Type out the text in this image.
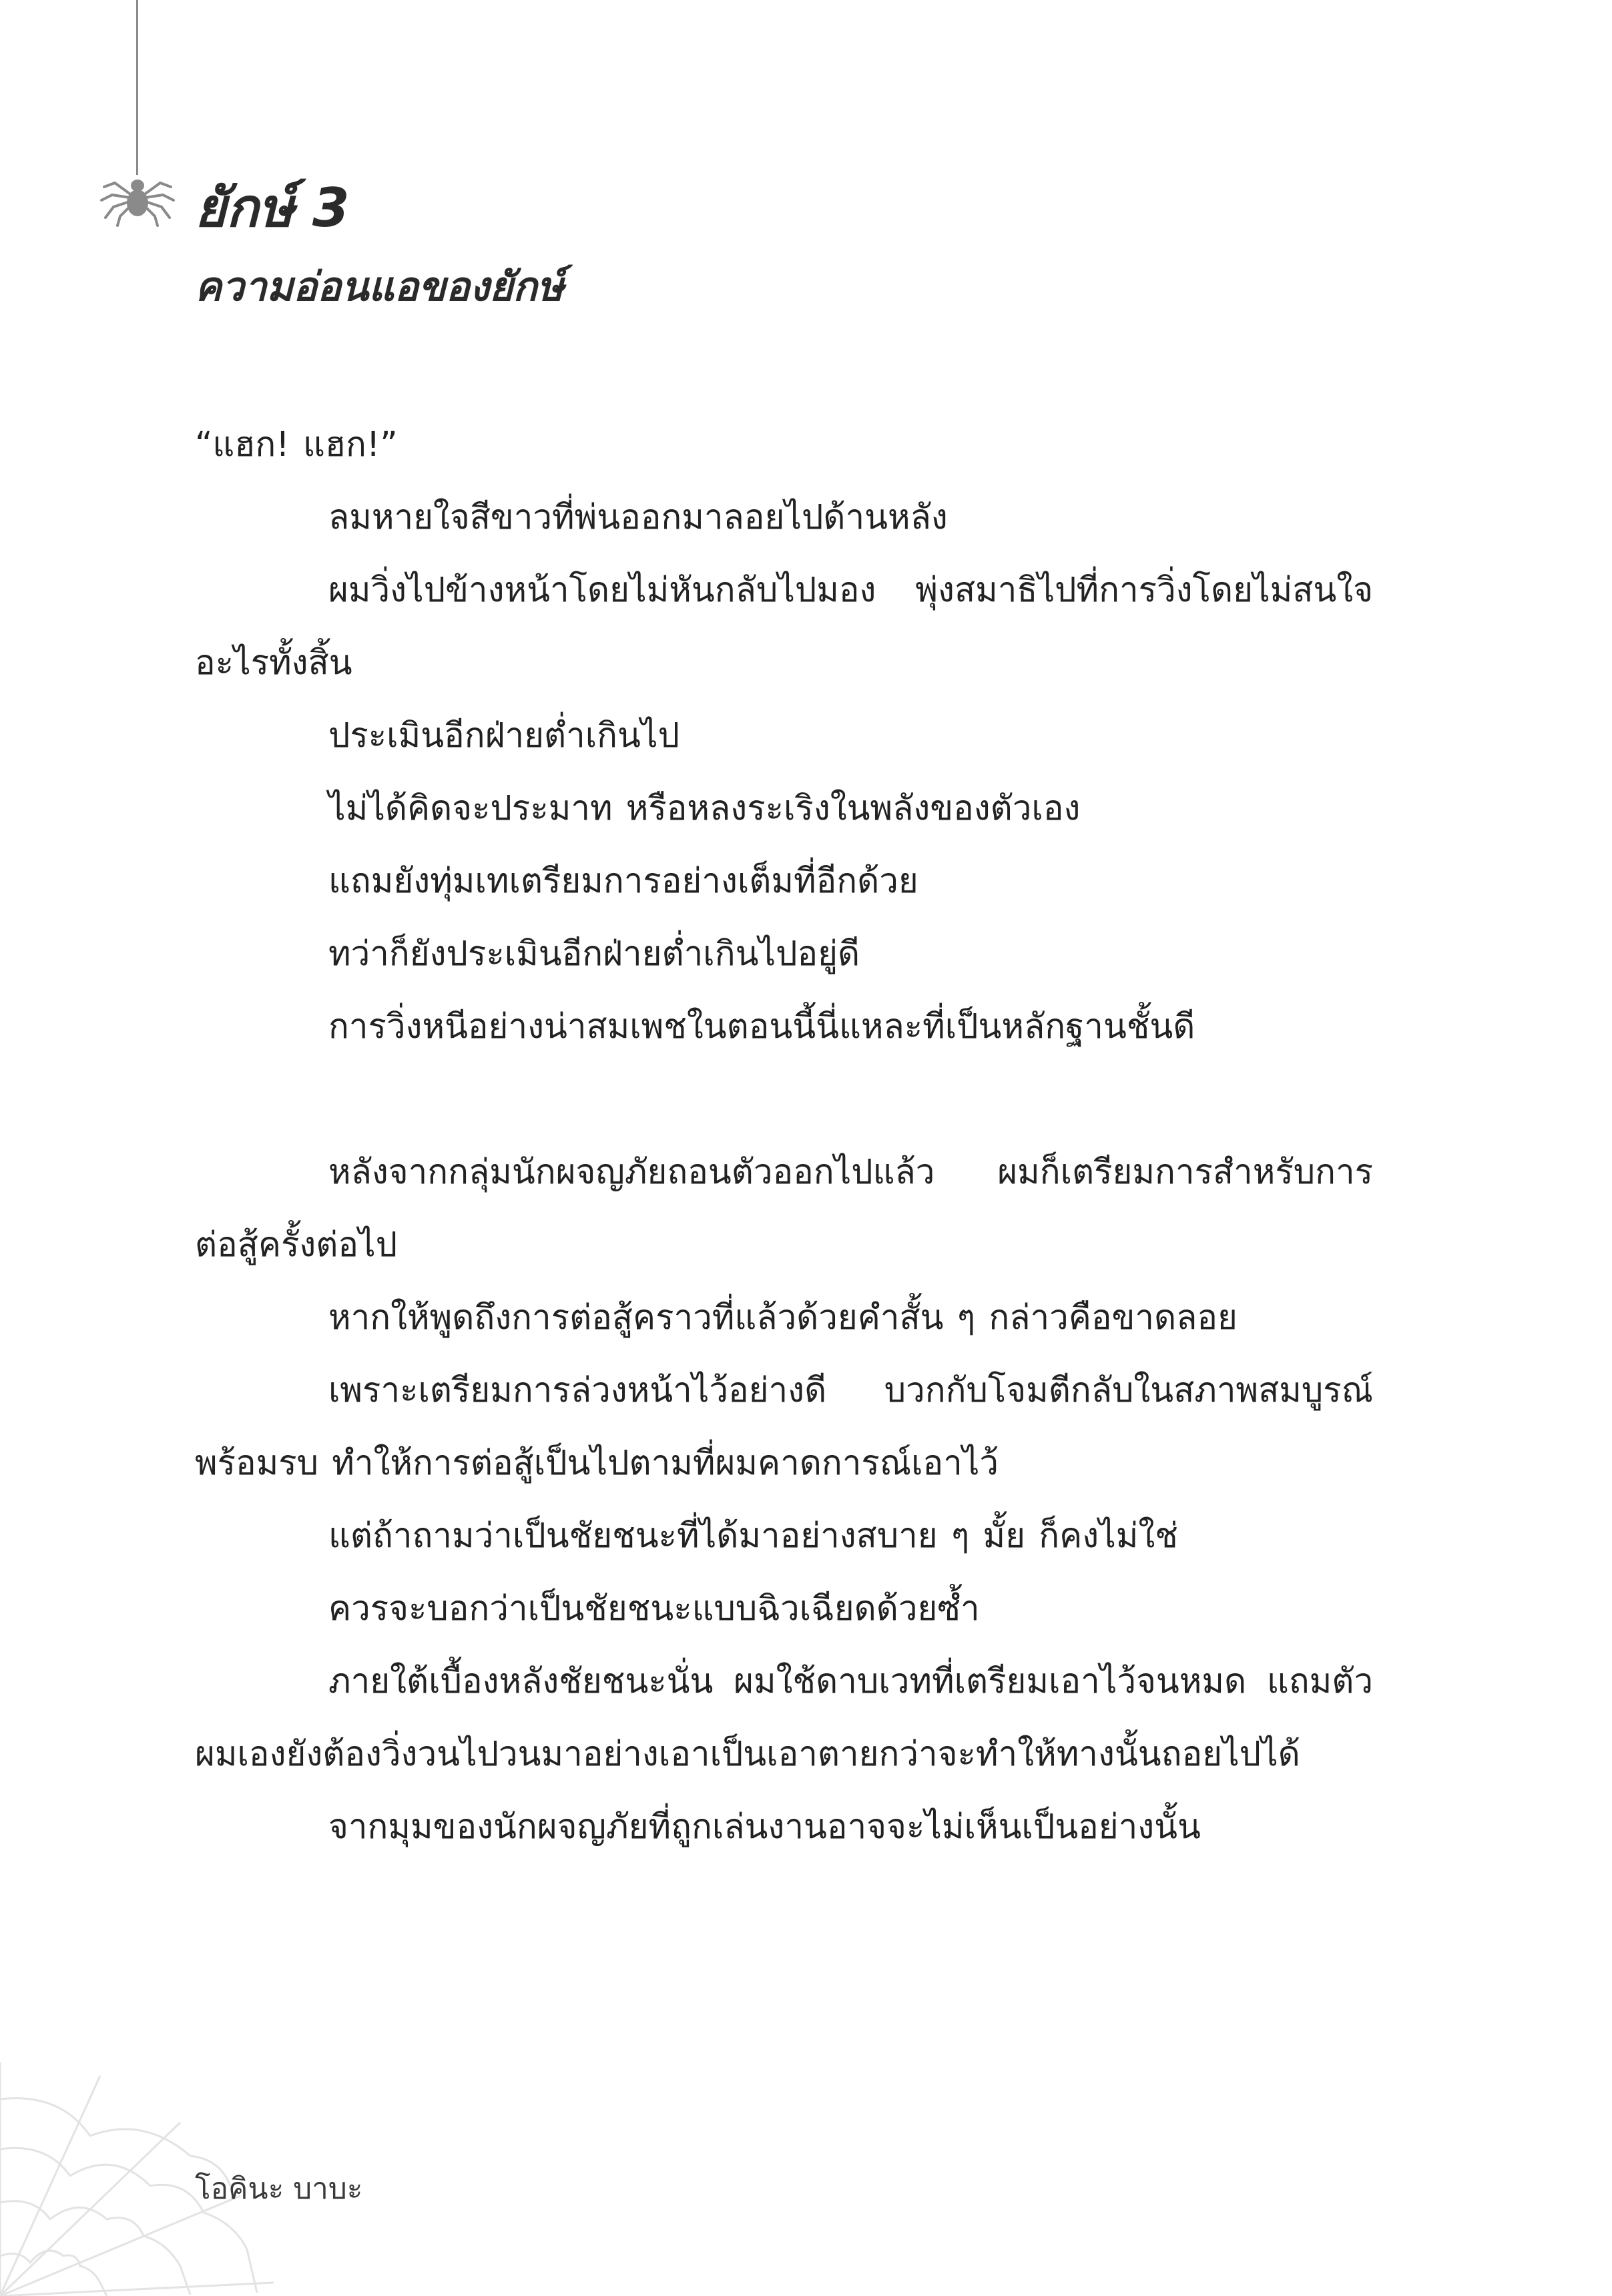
ยักษ์ 3
ความอ่อนแอของยักษ์

“แฮก! แฮก!”

ลมหายใจสีขาวที่พ่นออกมาลอยไปด้านหลัง

ผมวิ่งไปข้างหน้าโดยไม่หันกลับไปมอง พุ่งสมาธิไปที่การวิ่งโดยไม่สนใจอะไรทั้งสิ้น

ประเมินอีกฝ่ายต่ำเกินไป

ไม่ได้คิดจะประมาท หรือหลงระเริงในพลังของตัวเอง

แถมยังทุ่มเทเตรียมการอย่างเต็มที่อีกด้วย

ทว่าก็ยังประเมินอีกฝ่ายต่ำเกินไปอยู่ดี

การวิ่งหนีอย่างน่าสมเพชในตอนนี้นี่แหละที่เป็นหลักฐานชั้นดี

หลังจากกลุ่มนักผจญภัยถอนตัวออกไปแล้ว ผมก็เตรียมการสำหรับการต่อสู้ครั้งต่อไป

หากให้พูดถึงการต่อสู้คราวที่แล้วด้วยคำสั้น ๆ กล่าวคือขาดลอย

เพราะเตรียมการล่วงหน้าไว้อย่างดี บวกกับโจมตีกลับในสภาพสมบูรณ์พร้อมรบ ทำให้การต่อสู้เป็นไปตามที่ผมคาดการณ์เอาไว้

แต่ถ้าถามว่าเป็นชัยชนะที่ได้มาอย่างสบาย ๆ มั้ย ก็คงไม่ใช่

ควรจะบอกว่าเป็นชัยชนะแบบฉิวเฉียดด้วยซ้ำ

ภายใต้เบื้องหลังชัยชนะนั่น ผมใช้ดาบเวทที่เตรียมเอาไว้จนหมด แถมตัวผมเองยังต้องวิ่งวนไปวนมาอย่างเอาเป็นเอาตายกว่าจะทำให้ทางนั้นถอยไปได้

จากมุมของนักผจญภัยที่ถูกเล่นงานอาจจะไม่เห็นเป็นอย่างนั้น

โอคินะ บาบะ
